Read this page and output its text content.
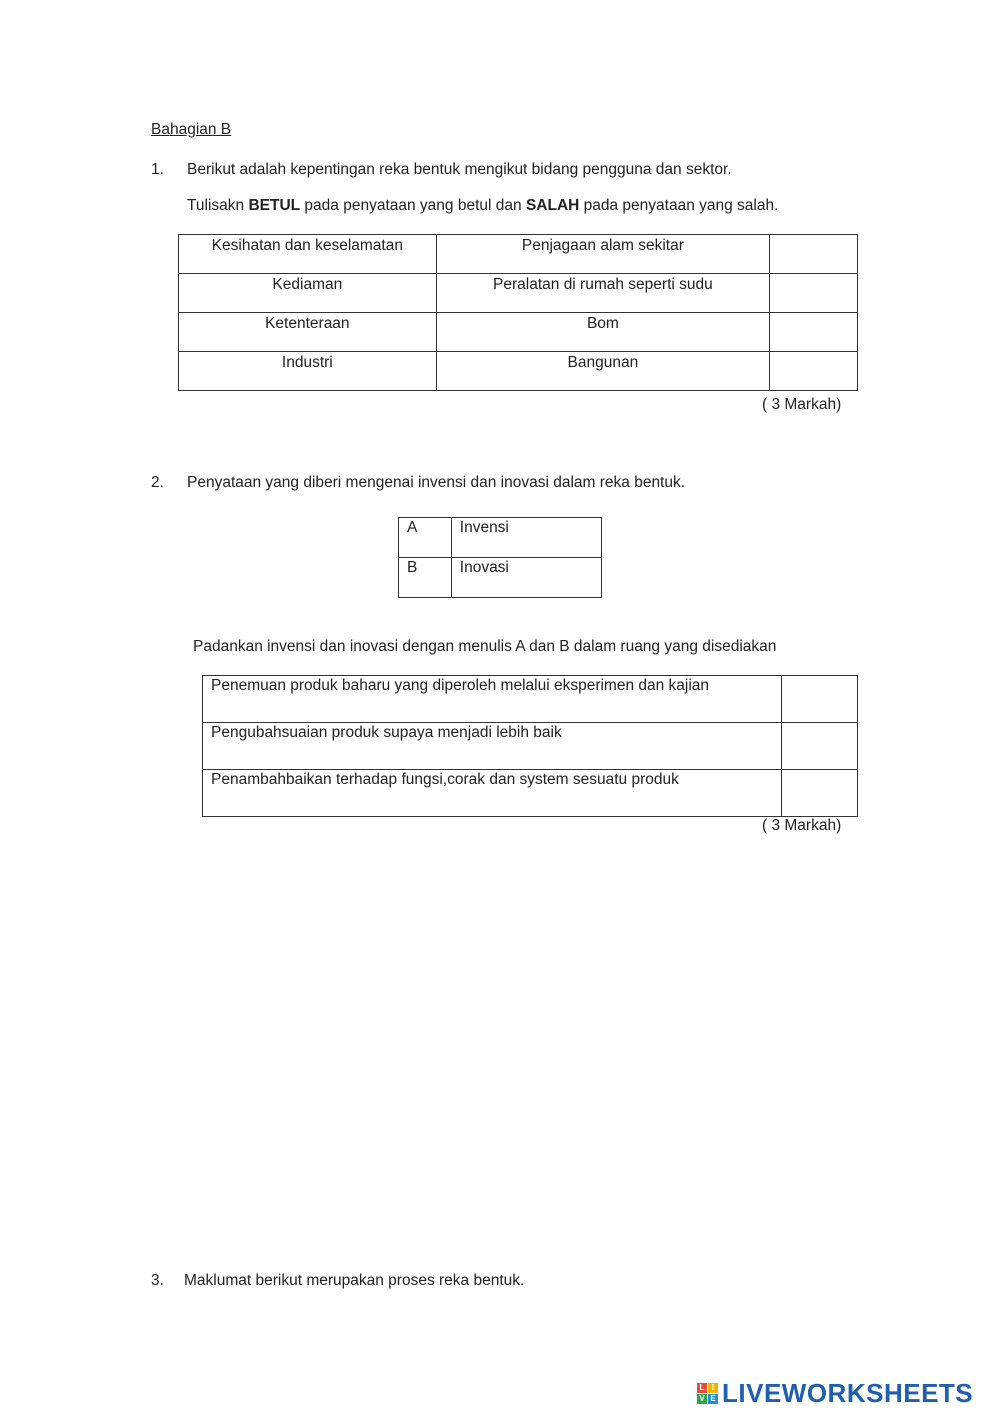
Bahagian B
1. Berikut adalah kepentingan reka bentuk mengikut bidang pengguna dan sektor.
Tulisakn BETUL pada penyataan yang betul dan SALAH pada penyataan yang salah.
Kesihatan dan keselamatan	Penjagaan alam sekitar	
Kediaman	Peralatan di rumah seperti sudu	
Ketenteraan	Bom	
Industri	Bangunan	
( 3 Markah)
2. Penyataan yang diberi mengenai invensi dan inovasi dalam reka bentuk.
A	Invensi
B	Inovasi
Padankan invensi dan inovasi dengan menulis A dan B dalam ruang yang disediakan
Penemuan produk baharu yang diperoleh melalui eksperimen dan kajian	
Pengubahsuaian produk supaya menjadi lebih baik	
Penambahbaikan terhadap fungsi,corak dan system sesuatu produk	
( 3 Markah)
3. Maklumat berikut merupakan proses reka bentuk.
L I
V E LIVEWORKSHEETS
